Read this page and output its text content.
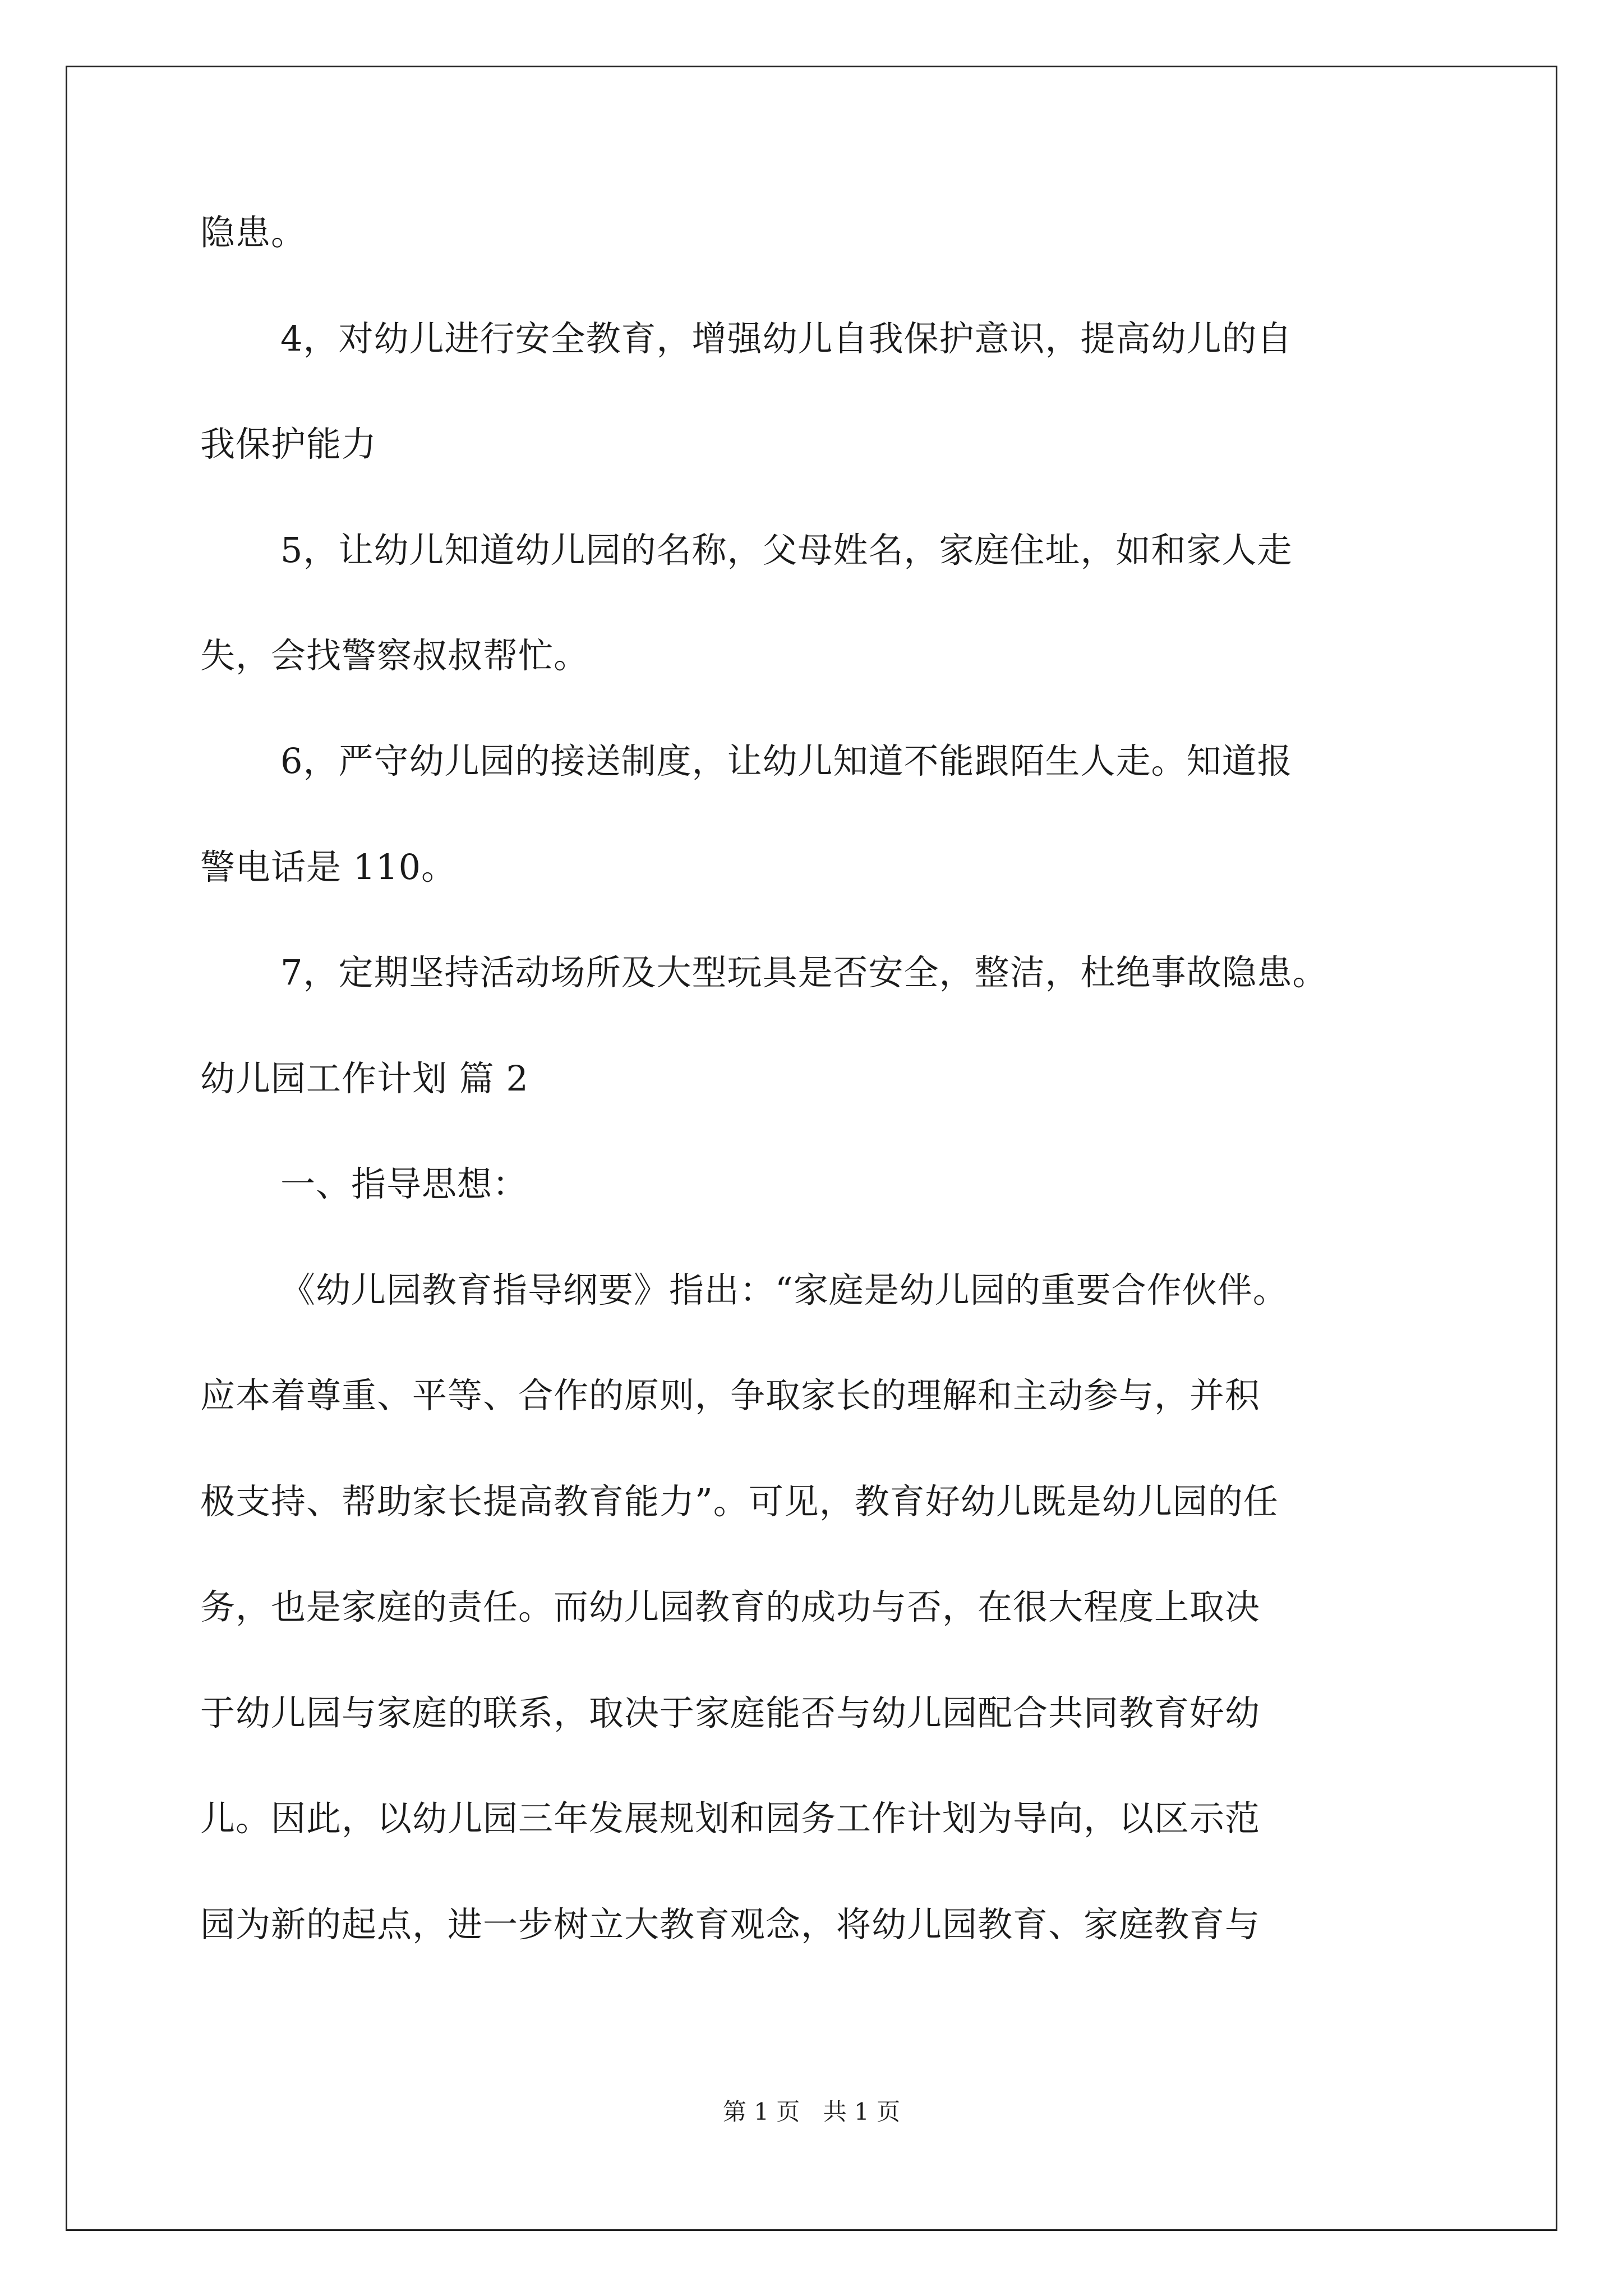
隐患。
4，对幼儿进行安全教育，增强幼儿自我保护意识，提高幼儿的自
我保护能力
5，让幼儿知道幼儿园的名称，父母姓名，家庭住址，如和家人走
失，会找警察叔叔帮忙。
6，严守幼儿园的接送制度，让幼儿知道不能跟陌生人走。知道报
警电话是 110。
7，定期坚持活动场所及大型玩具是否安全，整洁，杜绝事故隐患。
幼儿园工作计划 篇 2
一、指导思想：
《幼儿园教育指导纲要》指出：“家庭是幼儿园的重要合作伙伴。
应本着尊重、平等、合作的原则，争取家长的理解和主动参与，并积
极支持、帮助家长提高教育能力”。可见，教育好幼儿既是幼儿园的任
务，也是家庭的责任。而幼儿园教育的成功与否，在很大程度上取决
于幼儿园与家庭的联系，取决于家庭能否与幼儿园配合共同教育好幼
儿。因此，以幼儿园三年发展规划和园务工作计划为导向，以区示范
园为新的起点，进一步树立大教育观念，将幼儿园教育、家庭教育与
第 1 页 共 1 页
